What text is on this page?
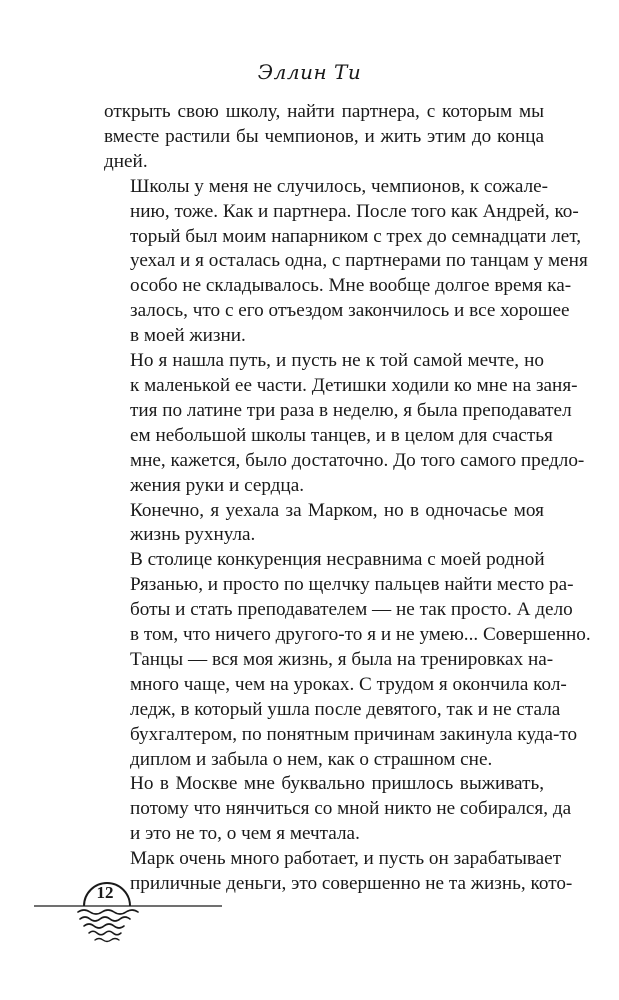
Эллин Ти

открыть свою школу, найти партнера, с которым мы
вместе растили бы чемпионов, и жить этим до конца
дней.

Школы у меня не случилось, чемпионов, к сожале-
нию, тоже. Как и партнера. После того как Андрей, ко-
торый был моим напарником с трех до семнадцати лет,
уехал и я осталась одна, с партнерами по танцам у меня
особо не складывалось. Мне вообще долгое время ка-
залось, что с его отъездом закончилось и все хорошее
в моей жизни.

Но я нашла путь, и пусть не к той самой мечте, но
к маленькой ее части. Детишки ходили ко мне на заня-
тия по латине три раза в неделю, я была преподавател
ем небольшой школы танцев, и в целом для счастья
мне, кажется, было достаточно. До того самого предло-
жения руки и сердца.

Конечно, я уехала за Марком, но в одночасье моя
жизнь рухнула.

В столице конкуренция несравнима с моей родной
Рязанью, и просто по щелчку пальцев найти место ра-
боты и стать преподавателем — не так просто. А дело
в том, что ничего другого-то я и не умею... Совершенно.
Танцы — вся моя жизнь, я была на тренировках на-
много чаще, чем на уроках. С трудом я окончила кол-
ледж, в который ушла после девятого, так и не стала
бухгалтером, по понятным причинам закинула куда-то
диплом и забыла о нем, как о страшном сне.

Но в Москве мне буквально пришлось выживать,
потому что нянчиться со мной никто не собирался, да
и это не то, о чем я мечтала.

Марк очень много работает, и пусть он зарабатывает
приличные деньги, это совершенно не та жизнь, кото-

12
